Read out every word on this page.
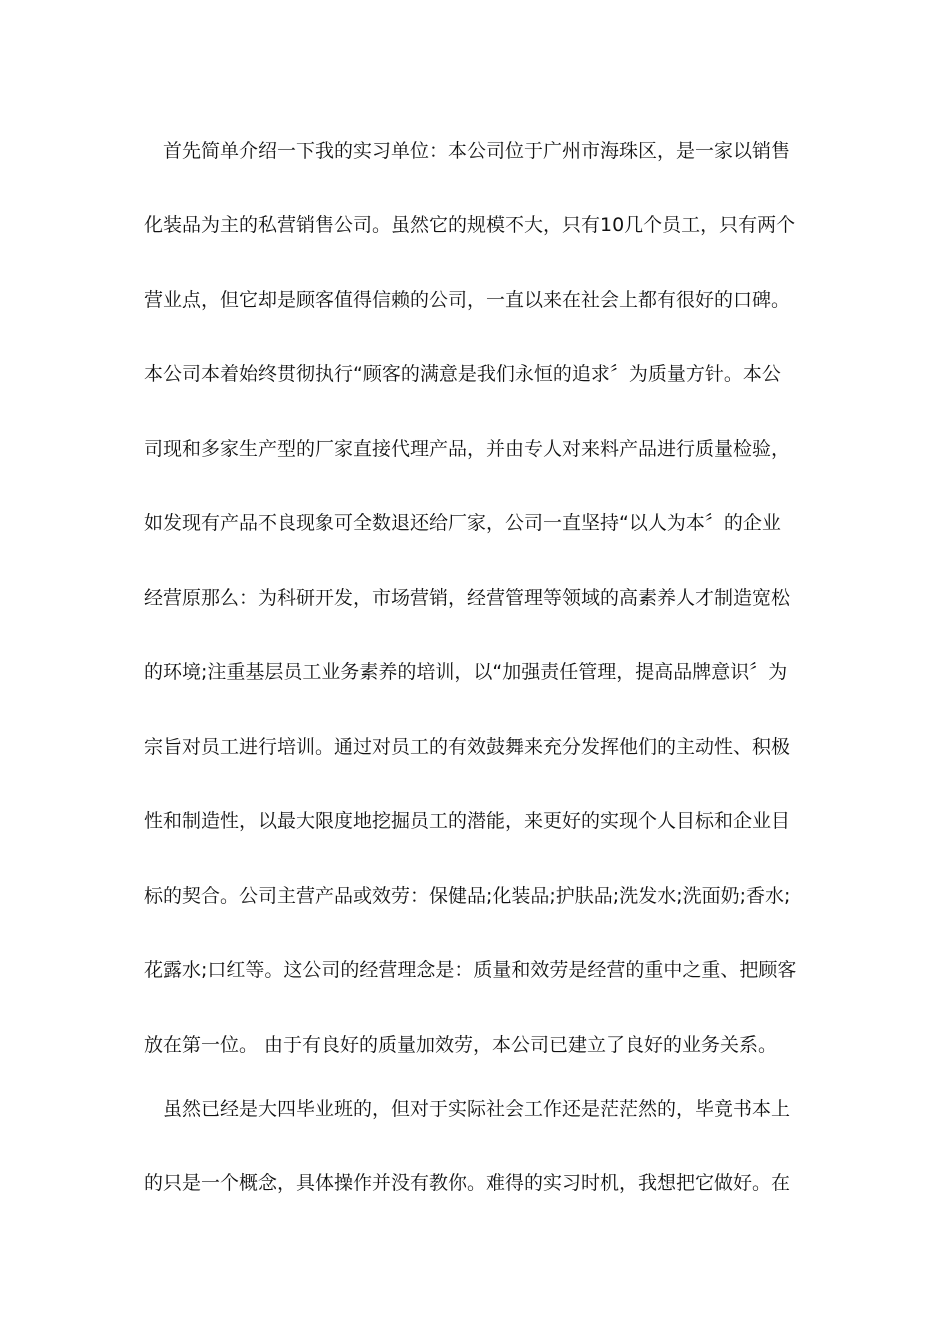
首先简单介绍一下我的实习单位：本公司位于广州市海珠区，是一家以销售
化装品为主的私营销售公司。虽然它的规模不大，只有10几个员工，只有两个
营业点，但它却是顾客值得信赖的公司，一直以来在社会上都有很好的口碑。
本公司本着始终贯彻执行“顾客的满意是我们永恒的追求〞为质量方针。本公
司现和多家生产型的厂家直接代理产品，并由专人对来料产品进行质量检验，
如发现有产品不良现象可全数退还给厂家，公司一直坚持“以人为本〞的企业
经营原那么：为科研开发，市场营销，经营管理等领域的高素养人才制造宽松
的环境;注重基层员工业务素养的培训，以“加强责任管理，提高品牌意识〞为
宗旨对员工进行培训。通过对员工的有效鼓舞来充分发挥他们的主动性、积极
性和制造性，以最大限度地挖掘员工的潜能，来更好的实现个人目标和企业目
标的契合。公司主营产品或效劳：保健品;化装品;护肤品;洗发水;洗面奶;香水;
花露水;口红等。这公司的经营理念是：质量和效劳是经营的重中之重、把顾客
放在第一位。 由于有良好的质量加效劳，本公司已建立了良好的业务关系。
虽然已经是大四毕业班的，但对于实际社会工作还是茫茫然的，毕竟书本上
的只是一个概念，具体操作并没有教你。难得的实习时机，我想把它做好。在
